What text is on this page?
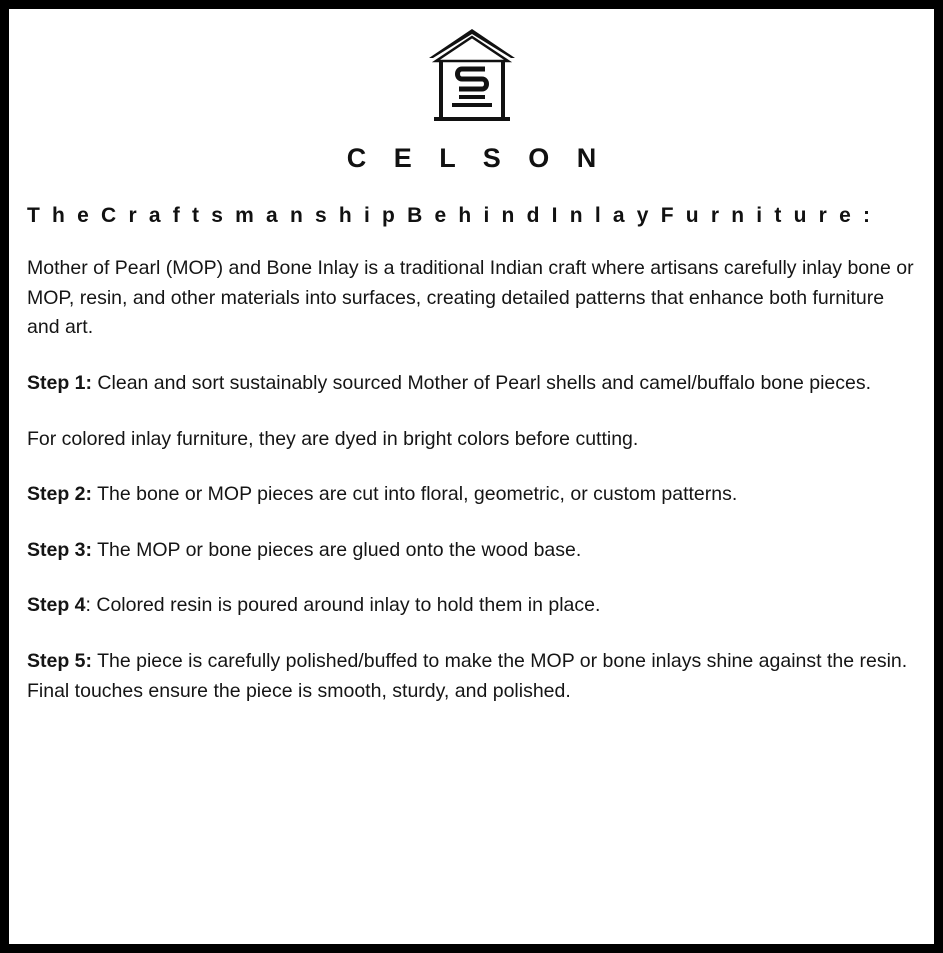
C E L S O N
T h e C r a f t s m a n s h i p B e h i n d I n l a y F u r n i t u r e :

Mother of Pearl (MOP) and Bone Inlay is a traditional Indian craft where artisans carefully inlay bone or MOP, resin, and other materials into surfaces, creating detailed patterns that enhance both furniture and art.

Step 1: Clean and sort sustainably sourced Mother of Pearl shells and camel/buffalo bone pieces.

For colored inlay furniture, they are dyed in bright colors before cutting.

Step 2: The bone or MOP pieces are cut into floral, geometric, or custom patterns.

Step 3: The MOP or bone pieces are glued onto the wood base.

Step 4: Colored resin is poured around inlay to hold them in place.

Step 5: The piece is carefully polished/buffed to make the MOP or bone inlays shine against the resin. Final touches ensure the piece is smooth, sturdy, and polished.
